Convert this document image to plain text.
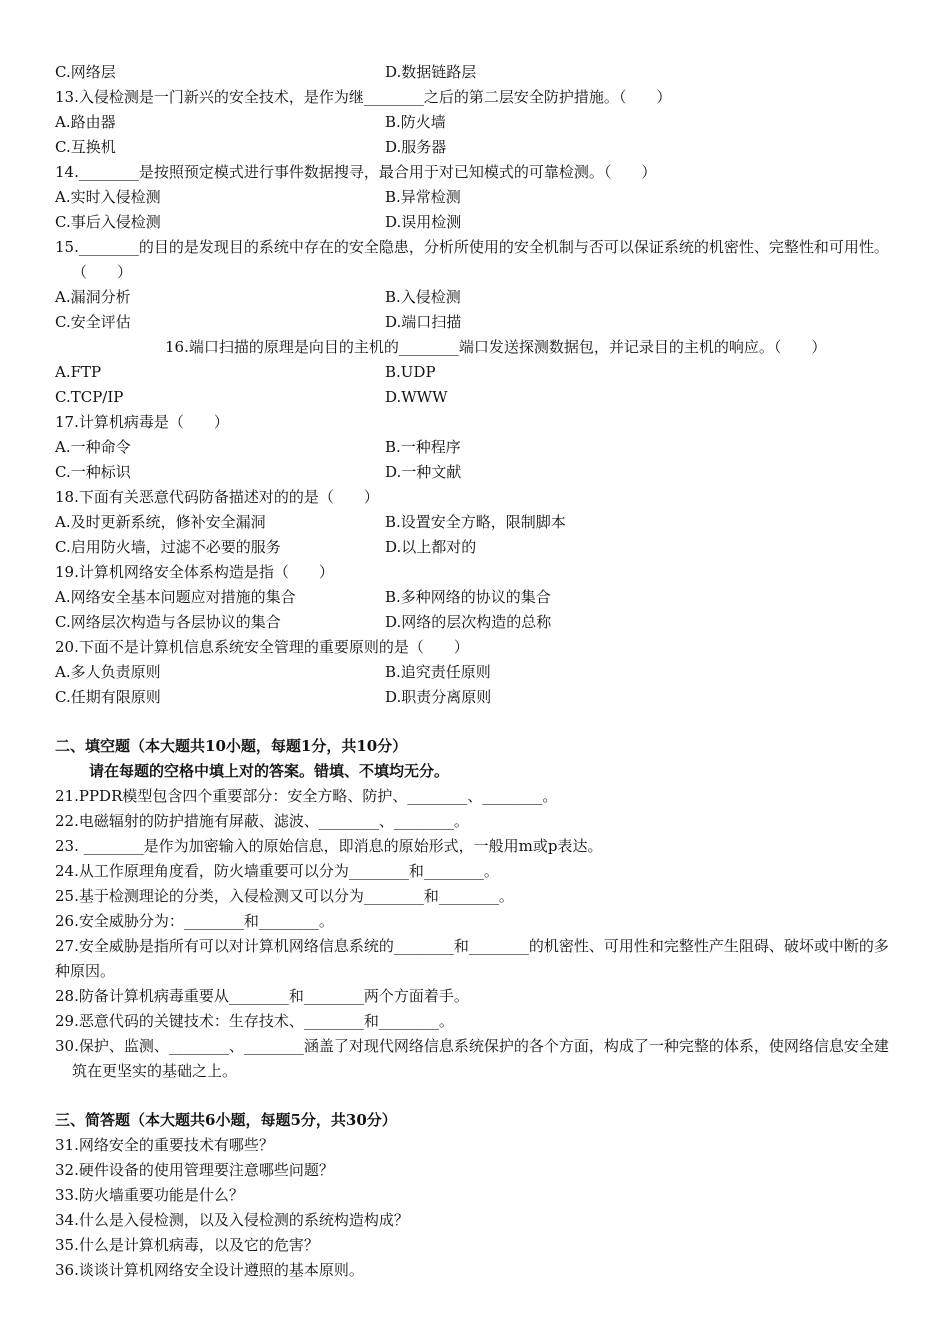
C.网络层	D.数据链路层
13.入侵检测是一门新兴的安全技术，是作为继________之后的第二层安全防护措施。（　　）
A.路由器	B.防火墙
C.互换机	D.服务器
14.________是按照预定模式进行事件数据搜寻，最合用于对已知模式的可靠检测。（　　）
A.实时入侵检测	B.异常检测
C.事后入侵检测	D.误用检测
15.________的目的是发现目的系统中存在的安全隐患，分析所使用的安全机制与否可以保证系统的机密性、完整性和可用性。（　　）
A.漏洞分析	B.入侵检测
C.安全评估	D.端口扫描
16.端口扫描的原理是向目的主机的________端口发送探测数据包，并记录目的主机的响应。（　　）
A.FTP	B.UDP
C.TCP/IP	D.WWW
17.计算机病毒是（　　）
A.一种命令	B.一种程序
C.一种标识	D.一种文献
18.下面有关恶意代码防备描述对的的是（　　）
A.及时更新系统，修补安全漏洞	B.设置安全方略，限制脚本
C.启用防火墙，过滤不必要的服务	D.以上都对的
19.计算机网络安全体系构造是指（　　）
A.网络安全基本问题应对措施的集合	B.多种网络的协议的集合
C.网络层次构造与各层协议的集合	D.网络的层次构造的总称
20.下面不是计算机信息系统安全管理的重要原则的是（　　）
A.多人负责原则	B.追究责任原则
C.任期有限原则	D.职责分离原则
二、填空题（本大题共10小题，每题1分，共10分）
请在每题的空格中填上对的答案。错填、不填均无分。
21.PPDR模型包含四个重要部分：安全方略、防护、________、________。
22.电磁辐射的防护措施有屏蔽、滤波、________、________。
23. ________是作为加密输入的原始信息，即消息的原始形式，一般用m或p表达。
24.从工作原理角度看，防火墙重要可以分为________和________。
25.基于检测理论的分类，入侵检测又可以分为________和________。
26.安全威胁分为：________和________。
27.安全威胁是指所有可以对计算机网络信息系统的________和________的机密性、可用性和完整性产生阻碍、破坏或中断的多种原因。
28.防备计算机病毒重要从________和________两个方面着手。
29.恶意代码的关键技术：生存技术、________和________。
30.保护、监测、________、________涵盖了对现代网络信息系统保护的各个方面，构成了一种完整的体系，使网络信息安全建筑在更坚实的基础之上。
三、简答题（本大题共6小题，每题5分，共30分）
31.网络安全的重要技术有哪些？
32.硬件设备的使用管理要注意哪些问题？
33.防火墙重要功能是什么？
34.什么是入侵检测，以及入侵检测的系统构造构成？
35.什么是计算机病毒，以及它的危害？
36.谈谈计算机网络安全设计遵照的基本原则。
